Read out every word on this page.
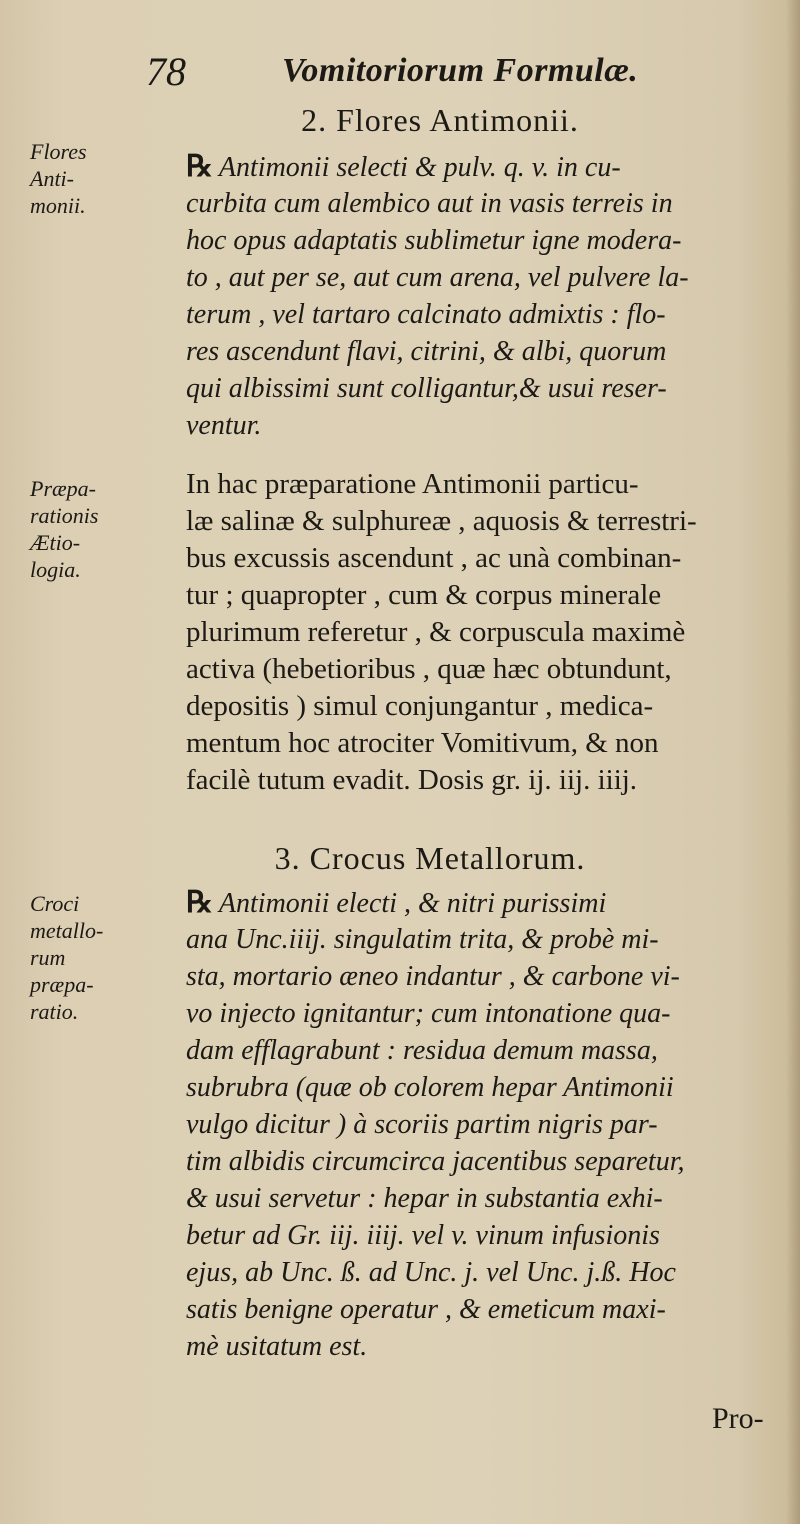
78	Vomitoriorum Formulæ.
2. Flores Antimonii.
Flores
Anti-
monii.
℞ Antimonii selecti & pulv. q. v. in cu-
curbita cum alembico aut in vasis terreis in
hoc opus adaptatis sublimetur igne modera-
to , aut per se, aut cum arena, vel pulvere la-
terum , vel tartaro calcinato admixtis : flo-
res ascendunt flavi, citrini, & albi, quorum
qui albissimi sunt colligantur,& usui reser-
ventur.
Præpa-
rationis
Ætio-
logia.
In hac præparatione Antimonii particu-
læ salinæ & sulphureæ , aquosis & terrestri-
bus excussis ascendunt , ac unà combinan-
tur ; quapropter , cum & corpus minerale
plurimum referetur , & corpuscula maximè
activa (hebetioribus , quæ hæc obtundunt,
depositis ) simul conjungantur , medica-
mentum hoc atrociter Vomitivum, & non
facilè tutum evadit. Dosis gr. ij. iij. iiij.
3. Crocus Metallorum.
Croci
metallo-
rum
præpa-
ratio.
℞ Antimonii electi , & nitri purissimi
ana Unc.iiij. singulatim trita, & probè mi-
sta, mortario æneo indantur , & carbone vi-
vo injecto ignitantur; cum intonatione qua-
dam efflagrabunt : residua demum massa,
subrubra (quæ ob colorem hepar Antimonii
vulgo dicitur ) à scoriis partim nigris par-
tim albidis circumcirca jacentibus separetur,
& usui servetur : hepar in substantia exhi-
betur ad Gr. iij. iiij. vel v. vinum infusionis
ejus, ab Unc. ß. ad Unc. j. vel Unc. j.ß. Hoc
satis benigne operatur , & emeticum maxi-
mè usitatum est.
Pro-
